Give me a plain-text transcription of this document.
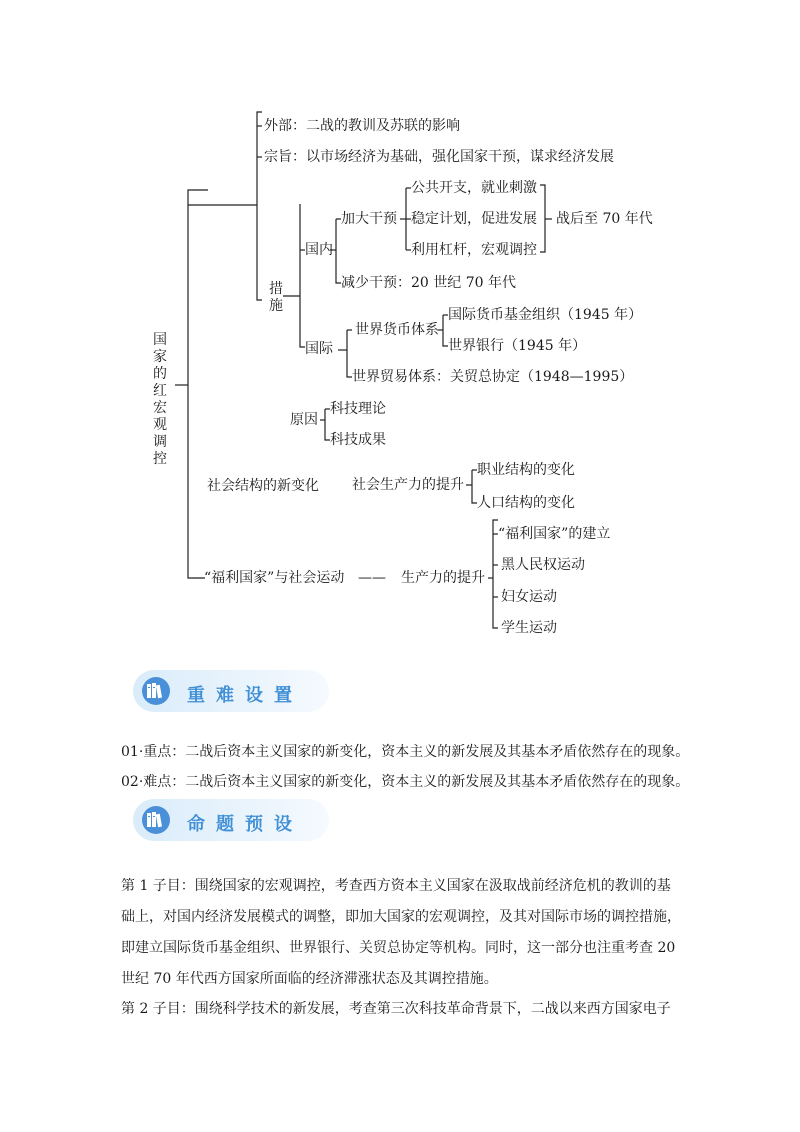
国家的红宏观调控
外部：二战的教训及苏联的影响
宗旨：以市场经济为基础，强化国家干预，谋求经济发展
措施
国内
加大干预
公共开支，就业刺激
稳定计划，促进发展
利用杠杆，宏观调控
战后至 70 年代
减少干预：20 世纪 70 年代
国际
世界货币体系
国际货币基金组织（1945 年）
世界银行（1945 年）
世界贸易体系：关贸总协定（1948—1995）
原因
科技理论
科技成果
社会结构的新变化 社会生产力的提升
职业结构的变化
人口结构的变化
“福利国家”与社会运动 —— 生产力的提升
“福利国家”的建立
黑人民权运动
妇女运动
学生运动
重难设置
01·重点：二战后资本主义国家的新变化，资本主义的新发展及其基本矛盾依然存在的现象。
02·难点：二战后资本主义国家的新变化，资本主义的新发展及其基本矛盾依然存在的现象。
命题预设
第 1 子目：围绕国家的宏观调控，考查西方资本主义国家在汲取战前经济危机的教训的基
础上，对国内经济发展模式的调整，即加大国家的宏观调控，及其对国际市场的调控措施，
即建立国际货币基金组织、世界银行、关贸总协定等机构。同时，这一部分也注重考查 20
世纪 70 年代西方国家所面临的经济滞涨状态及其调控措施。
第 2 子目：围绕科学技术的新发展，考查第三次科技革命背景下，二战以来西方国家电子
